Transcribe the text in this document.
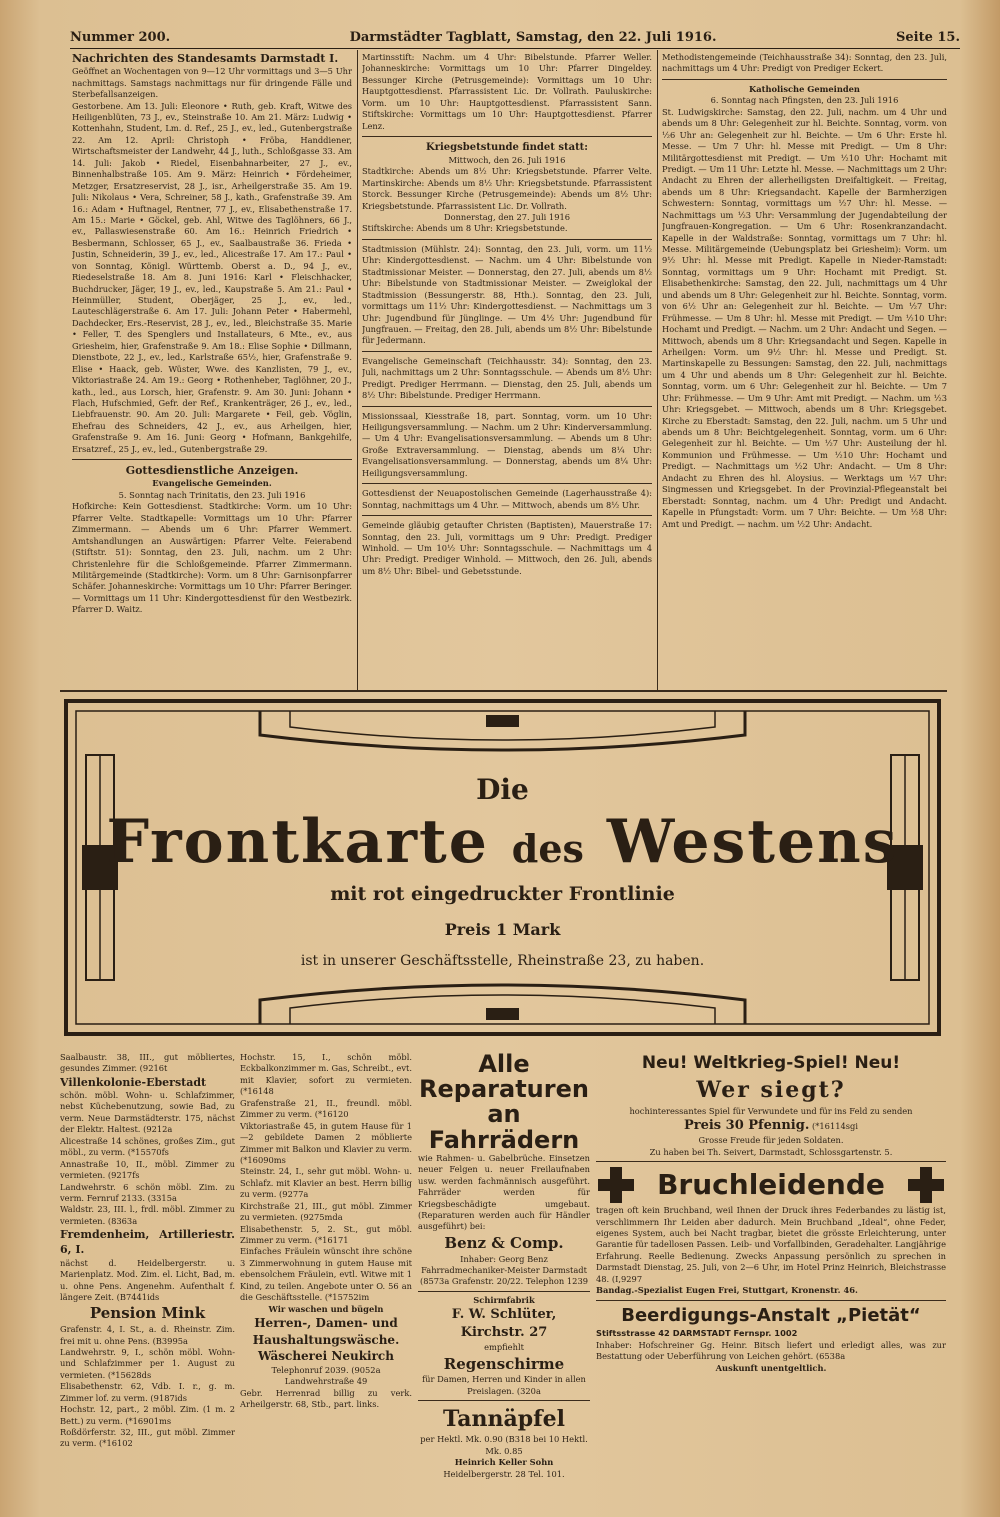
Nummer 200.	Darmstädter Tagblatt, Samstag, den 22. Juli 1916.	Seite 15.

Nachrichten des Standesamts Darmstadt I.

Geöffnet an Wochentagen von 9—12 Uhr vormittags und 3—5 Uhr nachmittags. Samstags nachmittags nur für dringende Fälle und Sterbefallsanzeigen.

Gestorbene. Am 13. Juli: Eleonore • Ruth, geb. Kraft, Witwe des Heiligenblüten, 73 J., ev., Steinstraße 10. Am 21. März: Ludwig • Kottenhahn, Student, Lm. d. Ref., 25 J., ev., led., Gutenbergstraße 22. Am 12. April: Christoph • Fröba, Handdiener, Wirtschaftsmeister der Landwehr, 44 J., luth., Schloßgasse 33. Am 14. Juli: Jakob • Riedel, Eisenbahnarbeiter, 27 J., ev., Binnenhalbstraße 105. Am 9. März: Heinrich • Fördeheimer, Metzger, Ersatzreservist, 28 J., isr., Arheilgerstraße 35. Am 19. Juli: Nikolaus • Vera, Schreiner, 58 J., kath., Grafenstraße 39. Am 16.: Adam • Huftnagel, Rentner, 77 J., ev., Elisabethenstraße 17. Am 15.: Marie • Göckel, geb. Ahl, Witwe des Taglöhners, 66 J., ev., Pallaswiesenstraße 60. Am 16.: Heinrich Friedrich • Besbermann, Schlosser, 65 J., ev., Saalbaustraße 36. Frieda • Justin, Schneiderin, 39 J., ev., led., Alicestraße 17. Am 17.: Paul • von Sonntag, Königl. Württemb. Oberst a. D., 94 J., ev., Riedeselstraße 18. Am 8. Juni 1916: Karl • Fleischhacker, Buchdrucker, Jäger, 19 J., ev., led., Kaupstraße 5. Am 21.: Paul • Heinmüller, Student, Oberjäger, 25 J., ev., led., Lauteschlägerstraße 6. Am 17. Juli: Johann Peter • Habermehl, Dachdecker, Ers.-Reservist, 28 J., ev., led., Bleichstraße 35. Marie • Feller, T. des Spenglers und Installateurs, 6 Mte., ev., aus Griesheim, hier, Grafenstraße 9. Am 18.: Elise Sophie • Dillmann, Dienstbote, 22 J., ev., led., Karlstraße 65½, hier, Grafenstraße 9. Elise • Haack, geb. Wüster, Wwe. des Kanzlisten, 79 J., ev., Viktoriastraße 24. Am 19.: Georg • Rothenheber, Taglöhner, 20 J., kath., led., aus Lorsch, hier, Grafenstr. 9. Am 30. Juni: Johann • Flach, Hufschmied, Gefr. der Ref., Krankenträger, 26 J., ev., led., Liebfrauenstr. 90. Am 20. Juli: Margarete • Feil, geb. Vöglin, Ehefrau des Schneiders, 42 J., ev., aus Arheilgen, hier, Grafenstraße 9. Am 16. Juni: Georg • Hofmann, Bankgehilfe, Ersatzref., 25 J., ev., led., Gutenbergstraße 29.

Gottesdienstliche Anzeigen.

Evangelische Gemeinden.

5. Sonntag nach Trinitatis, den 23. Juli 1916

Hofkirche: Kein Gottesdienst. Stadtkirche: Vorm. um 10 Uhr: Pfarrer Velte. Stadtkapelle: Vormittags um 10 Uhr: Pfarrer Zimmermann. — Abends um 6 Uhr: Pfarrer Wemmert. Amtshandlungen an Auswärtigen: Pfarrer Velte. Feierabend (Stiftstr. 51): Sonntag, den 23. Juli, nachm. um 2 Uhr: Christenlehre für die Schloßgemeinde. Pfarrer Zimmermann. Militärgemeinde (Stadtkirche): Vorm. um 8 Uhr: Garnisonpfarrer Schäfer. Johanneskirche: Vormittags um 10 Uhr: Pfarrer Beringer. — Vormittags um 11 Uhr: Kindergottesdienst für den Westbezirk. Pfarrer D. Waitz.

Martinsstift: Nachm. um 4 Uhr: Bibelstunde. Pfarrer Weller. Johanneskirche: Vormittags um 10 Uhr: Pfarrer Dingeldey. Bessunger Kirche (Petrusgemeinde): Vormittags um 10 Uhr: Hauptgottesdienst. Pfarrassistent Lic. Dr. Vollrath. Pauluskirche: Vorm. um 10 Uhr: Hauptgottesdienst. Pfarrassistent Sann. Stiftskirche: Vormittags um 10 Uhr: Hauptgottesdienst. Pfarrer Lenz.

Kriegsbetstunde findet statt:

Mittwoch, den 26. Juli 1916

Stadtkirche: Abends um 8½ Uhr: Kriegsbetstunde. Pfarrer Velte. Martinskirche: Abends um 8½ Uhr: Kriegsbetstunde. Pfarrassistent Storck. Bessunger Kirche (Petrusgemeinde): Abends um 8½ Uhr: Kriegsbetstunde. Pfarrassistent Lic. Dr. Vollrath.

Donnerstag, den 27. Juli 1916

Stiftskirche: Abends um 8 Uhr: Kriegsbetstunde.

Stadtmission (Mühlstr. 24): Sonntag, den 23. Juli, vorm. um 11½ Uhr: Kindergottesdienst. — Nachm. um 4 Uhr: Bibelstunde von Stadtmissionar Meister. — Donnerstag, den 27. Juli, abends um 8½ Uhr: Bibelstunde von Stadtmissionar Meister. — Zweiglokal der Stadtmission (Bessungerstr. 88, Hth.). Sonntag, den 23. Juli, vormittags um 11½ Uhr: Kindergottesdienst. — Nachmittags um 3 Uhr: Jugendbund für Jünglinge. — Um 4½ Uhr: Jugendbund für Jungfrauen. — Freitag, den 28. Juli, abends um 8½ Uhr: Bibelstunde für Jedermann.

Evangelische Gemeinschaft (Teichhausstr. 34): Sonntag, den 23. Juli, nachmittags um 2 Uhr: Sonntagsschule. — Abends um 8½ Uhr: Predigt. Prediger Herrmann. — Dienstag, den 25. Juli, abends um 8½ Uhr: Bibelstunde. Prediger Herrmann.

Missionssaal, Kiesstraße 18, part. Sonntag, vorm. um 10 Uhr: Heiligungsversammlung. — Nachm. um 2 Uhr: Kinderversammlung. — Um 4 Uhr: Evangelisationsversammlung. — Abends um 8 Uhr: Große Extraversammlung. — Dienstag, abends um 8¼ Uhr: Evangelisationsversammlung. — Donnerstag, abends um 8¼ Uhr: Heiligungsversammlung.

Gottesdienst der Neuapostolischen Gemeinde (Lagerhausstraße 4): Sonntag, nachmittags um 4 Uhr. — Mittwoch, abends um 8½ Uhr.

Gemeinde gläubig getaufter Christen (Baptisten), Mauerstraße 17: Sonntag, den 23. Juli, vormittags um 9 Uhr: Predigt. Prediger Winhold. — Um 10½ Uhr: Sonntagsschule. — Nachmittags um 4 Uhr: Predigt. Prediger Winhold. — Mittwoch, den 26. Juli, abends um 8½ Uhr: Bibel- und Gebetsstunde.

Methodistengemeinde (Teichhausstraße 34): Sonntag, den 23. Juli, nachmittags um 4 Uhr: Predigt von Prediger Eckert.

Katholische Gemeinden

6. Sonntag nach Pfingsten, den 23. Juli 1916

St. Ludwigskirche: Samstag, den 22. Juli, nachm. um 4 Uhr und abends um 8 Uhr: Gelegenheit zur hl. Beichte. Sonntag, vorm. von ½6 Uhr an: Gelegenheit zur hl. Beichte. — Um 6 Uhr: Erste hl. Messe. — Um 7 Uhr: hl. Messe mit Predigt. — Um 8 Uhr: Militärgottesdienst mit Predigt. — Um ½10 Uhr: Hochamt mit Predigt. — Um 11 Uhr: Letzte hl. Messe. — Nachmittags um 2 Uhr: Andacht zu Ehren der allerheiligsten Dreifaltigkeit. — Freitag, abends um 8 Uhr: Kriegsandacht. Kapelle der Barmherzigen Schwestern: Sonntag, vormittags um ½7 Uhr: hl. Messe. — Nachmittags um ½3 Uhr: Versammlung der Jugendabteilung der Jungfrauen-Kongregation. — Um 6 Uhr: Rosenkranzandacht. Kapelle in der Waldstraße: Sonntag, vormittags um 7 Uhr: hl. Messe. Militärgemeinde (Uebungsplatz bei Griesheim): Vorm. um 9½ Uhr: hl. Messe mit Predigt. Kapelle in Nieder-Ramstadt: Sonntag, vormittags um 9 Uhr: Hochamt mit Predigt. St. Elisabethenkirche: Samstag, den 22. Juli, nachmittags um 4 Uhr und abends um 8 Uhr: Gelegenheit zur hl. Beichte. Sonntag, vorm. von 6½ Uhr an: Gelegenheit zur hl. Beichte. — Um ½7 Uhr: Frühmesse. — Um 8 Uhr: hl. Messe mit Predigt. — Um ½10 Uhr: Hochamt und Predigt. — Nachm. um 2 Uhr: Andacht und Segen. — Mittwoch, abends um 8 Uhr: Kriegsandacht und Segen. Kapelle in Arheilgen: Vorm. um 9½ Uhr: hl. Messe und Predigt. St. Martinskapelle zu Bessungen: Samstag, den 22. Juli, nachmittags um 4 Uhr und abends um 8 Uhr: Gelegenheit zur hl. Beichte. Sonntag, vorm. um 6 Uhr: Gelegenheit zur hl. Beichte. — Um 7 Uhr: Frühmesse. — Um 9 Uhr: Amt mit Predigt. — Nachm. um ½3 Uhr: Kriegsgebet. — Mittwoch, abends um 8 Uhr: Kriegsgebet. Kirche zu Eberstadt: Samstag, den 22. Juli, nachm. um 5 Uhr und abends um 8 Uhr: Beichtgelegenheit. Sonntag, vorm. um 6 Uhr: Gelegenheit zur hl. Beichte. — Um ½7 Uhr: Austeilung der hl. Kommunion und Frühmesse. — Um ½10 Uhr: Hochamt und Predigt. — Nachmittags um ½2 Uhr: Andacht. — Um 8 Uhr: Andacht zu Ehren des hl. Aloysius. — Werktags um ½7 Uhr: Singmessen und Kriegsgebet. In der Provinzial-Pflegeanstalt bei Eberstadt: Sonntag, nachm. um 4 Uhr: Predigt und Andacht. Kapelle in Pfungstadt: Vorm. um 7 Uhr: Beichte. — Um ½8 Uhr: Amt und Predigt. — nachm. um ½2 Uhr: Andacht.

Die
Frontkarte des Westens
mit rot eingedruckter Frontlinie
Preis 1 Mark
ist in unserer Geschäftsstelle, Rheinstraße 23, zu haben.

Saalbaustr. 38, III., gut möbliertes, gesundes Zimmer. (9216t

Villenkolonie-Eberstadt

schön. möbl. Wohn- u. Schlafzimmer, nebst Küchebenutzung, sowie Bad, zu verm. Neue Darmstädterstr. 175, nächst der Elektr. Haltest. (9212a

Alicestraße 14 schönes, großes Zim., gut möbl., zu verm. (*15570fs

Annastraße 10, II., möbl. Zimmer zu vermieten. (9217fs

Landwehrstr. 6 schön möbl. Zim. zu verm. Fernruf 2133. (3315a

Waldstr. 23, III. l., frdl. möbl. Zimmer zu vermieten. (8363a

Fremdenheim, Artilleriestr. 6, I.

nächst d. Heidelbergerstr. u. Marienplatz. Mod. Zim. el. Licht, Bad, m. u. ohne Pens. Angenehm. Aufenthalt f. längere Zeit. (B7441ids

Pension Mink

Grafenstr. 4, I. St., a. d. Rheinstr. Zim. frei mit u. ohne Pens. (B3995a

Landwehrstr. 9, I., schön möbl. Wohn- und Schlafzimmer per 1. August zu vermieten. (*15628ds

Elisabethenstr. 62, Vdb. I. r., g. m. Zimmer lof. zu verm. (9187ids

Hochstr. 12, part., 2 möbl. Zim. (1 m. 2 Bett.) zu verm. (*16901ms

Roßdörferstr. 32, III., gut möbl. Zimmer zu verm. (*16102

Hochstr. 15, I., schön möbl. Eckbalkonzimmer m. Gas, Schreibt., evt. mit Klavier, sofort zu vermieten. (*16148

Grafenstraße 21, II., freundl. möbl. Zimmer zu verm. (*16120

Viktoriastraße 45, in gutem Hause für 1—2 gebildete Damen 2 möblierte Zimmer mit Balkon und Klavier zu verm. (*16090ms

Steinstr. 24, I., sehr gut möbl. Wohn- u. Schlafz. mit Klavier an best. Herrn billig zu verm. (9277a

Kirchstraße 21, III., gut möbl. Zimmer zu vermieten. (9275mda

Elisabethenstr. 5, 2. St., gut möbl. Zimmer zu verm. (*16171

Einfaches Fräulein wünscht ihre schöne 3 Zimmerwohnung in gutem Hause mit ebensolchem Fräulein, evtl. Witwe mit 1 Kind, zu teilen. Angebote unter O. 56 an die Geschäftsstelle. (*15752im

Wir waschen und bügeln

Herren-, Damen- und Haushaltungswäsche.

Wäscherei Neukirch

Telephonruf 2039. (9052a Landwehrstraße 49

Gebr. Herrenrad billig zu verk. Arheilgerstr. 68, Stb., part. links.

Alle Reparaturen an Fahrrädern

wie Rahmen- u. Gabelbrüche. Einsetzen neuer Felgen u. neuer Freilaufnaben usw. werden fachmännisch ausgeführt. Fahrräder werden für Kriegsbeschädigte umgebaut. (Reparaturen werden auch für Händler ausgeführt) bei:

Benz & Comp.

Inhaber: Georg Benz Fahrradmechaniker-Meister Darmstadt (8573a Grafenstr. 20/22. Telephon 1239

Schirmfabrik

F. W. Schlüter, Kirchstr. 27

empfiehlt

Regenschirme

für Damen, Herren und Kinder in allen Preislagen. (320a

Tannäpfel

per Hektl. Mk. 0.90 (B318 bei 10 Hektl. Mk. 0.85

Heinrich Keller Sohn

Heidelbergerstr. 28 Tel. 101.

Neu! Weltkrieg-Spiel! Neu!

Wer siegt?

hochinteressantes Spiel für Verwundete und für ins Feld zu senden

Preis 30 Pfennig. (*16114sgi

Grosse Freude für jeden Soldaten.

Zu haben bei Th. Seivert, Darmstadt, Schlossgartenstr. 5.

Bruchleidende

tragen oft kein Bruchband, weil Ihnen der Druck ihres Federbandes zu lästig ist, verschlimmern Ihr Leiden aber dadurch. Mein Bruchband „Ideal“, ohne Feder, eigenes System, auch bei Nacht tragbar, bietet die grösste Erleichterung, unter Garantie für tadellosen Passen. Leib- und Vorfallbinden, Geradehalter. Langjährige Erfahrung. Reelle Bedienung. Zwecks Anpassung persönlich zu sprechen in Darmstadt Dienstag, 25. Juli, von 2—6 Uhr, im Hotel Prinz Heinrich, Bleichstrasse 48. (I,9297

Bandag.-Spezialist Eugen Frei, Stuttgart, Kronenstr. 46.

Beerdigungs-Anstalt „Pietät“

Stiftsstrasse 42 DARMSTADT Fernspr. 1002

Inhaber: Hofschreiner Gg. Heinr. Bitsch liefert und erledigt alles, was zur Bestattung oder Ueberführung von Leichen gehört. (6538a

Auskunft unentgeltlich.
